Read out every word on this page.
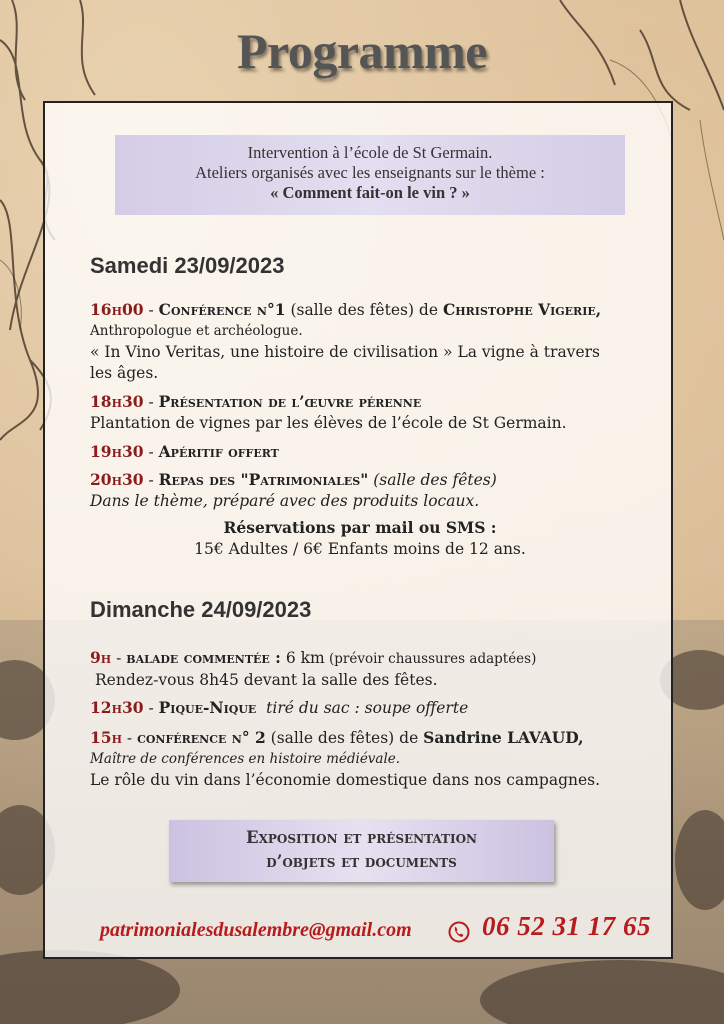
Programme
Intervention à l’école de St Germain.
Ateliers organisés avec les enseignants sur le thème :
« Comment fait-on le vin ? »
Samedi 23/09/2023
16h00 - Conférence n°1 (salle des fêtes) de Christophe Vigerie,
Anthropologue et archéologue.
« In Vino Veritas, une histoire de civilisation » La vigne à travers les âges.
18h30 - Présentation de l’œuvre pérenne
Plantation de vignes par les élèves de l’école de St Germain.
19h30 - Apéritif offert
20h30 - Repas des "Patrimoniales" (salle des fêtes)
Dans le thème, préparé avec des produits locaux.
Réservations par mail ou SMS :
15€ Adultes / 6€ Enfants moins de 12 ans.
Dimanche 24/09/2023
9h - balade commentée : 6 km (prévoir chaussures adaptées)
Rendez-vous 8h45 devant la salle des fêtes.
12h30 - Pique-Nique tiré du sac : soupe offerte
15h - conférence n° 2 (salle des fêtes) de Sandrine LAVAUD,
Maître de conférences en histoire médiévale.
Le rôle du vin dans l’économie domestique dans nos campagnes.
Exposition et présentation
d’objets et documents
patrimonialesdusalembre@gmail.com	06 52 31 17 65
